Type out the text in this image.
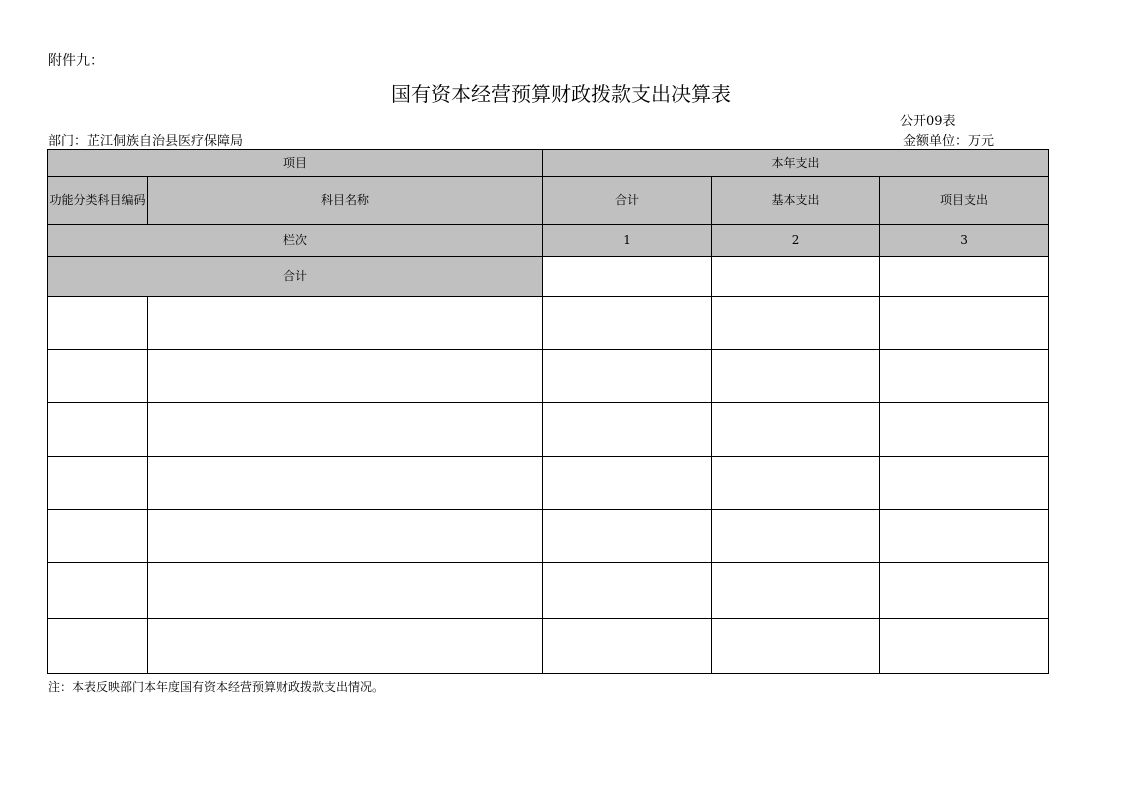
附件九：
国有资本经营预算财政拨款支出决算表
公开09表
部门：芷江侗族自治县医疗保障局	金额单位：万元
项目		本年支出		
功能分类科目编码	科目名称	合计	基本支出	项目支出
栏次		1	2	3
合计				

注：本表反映部门本年度国有资本经营预算财政拨款支出情况。
